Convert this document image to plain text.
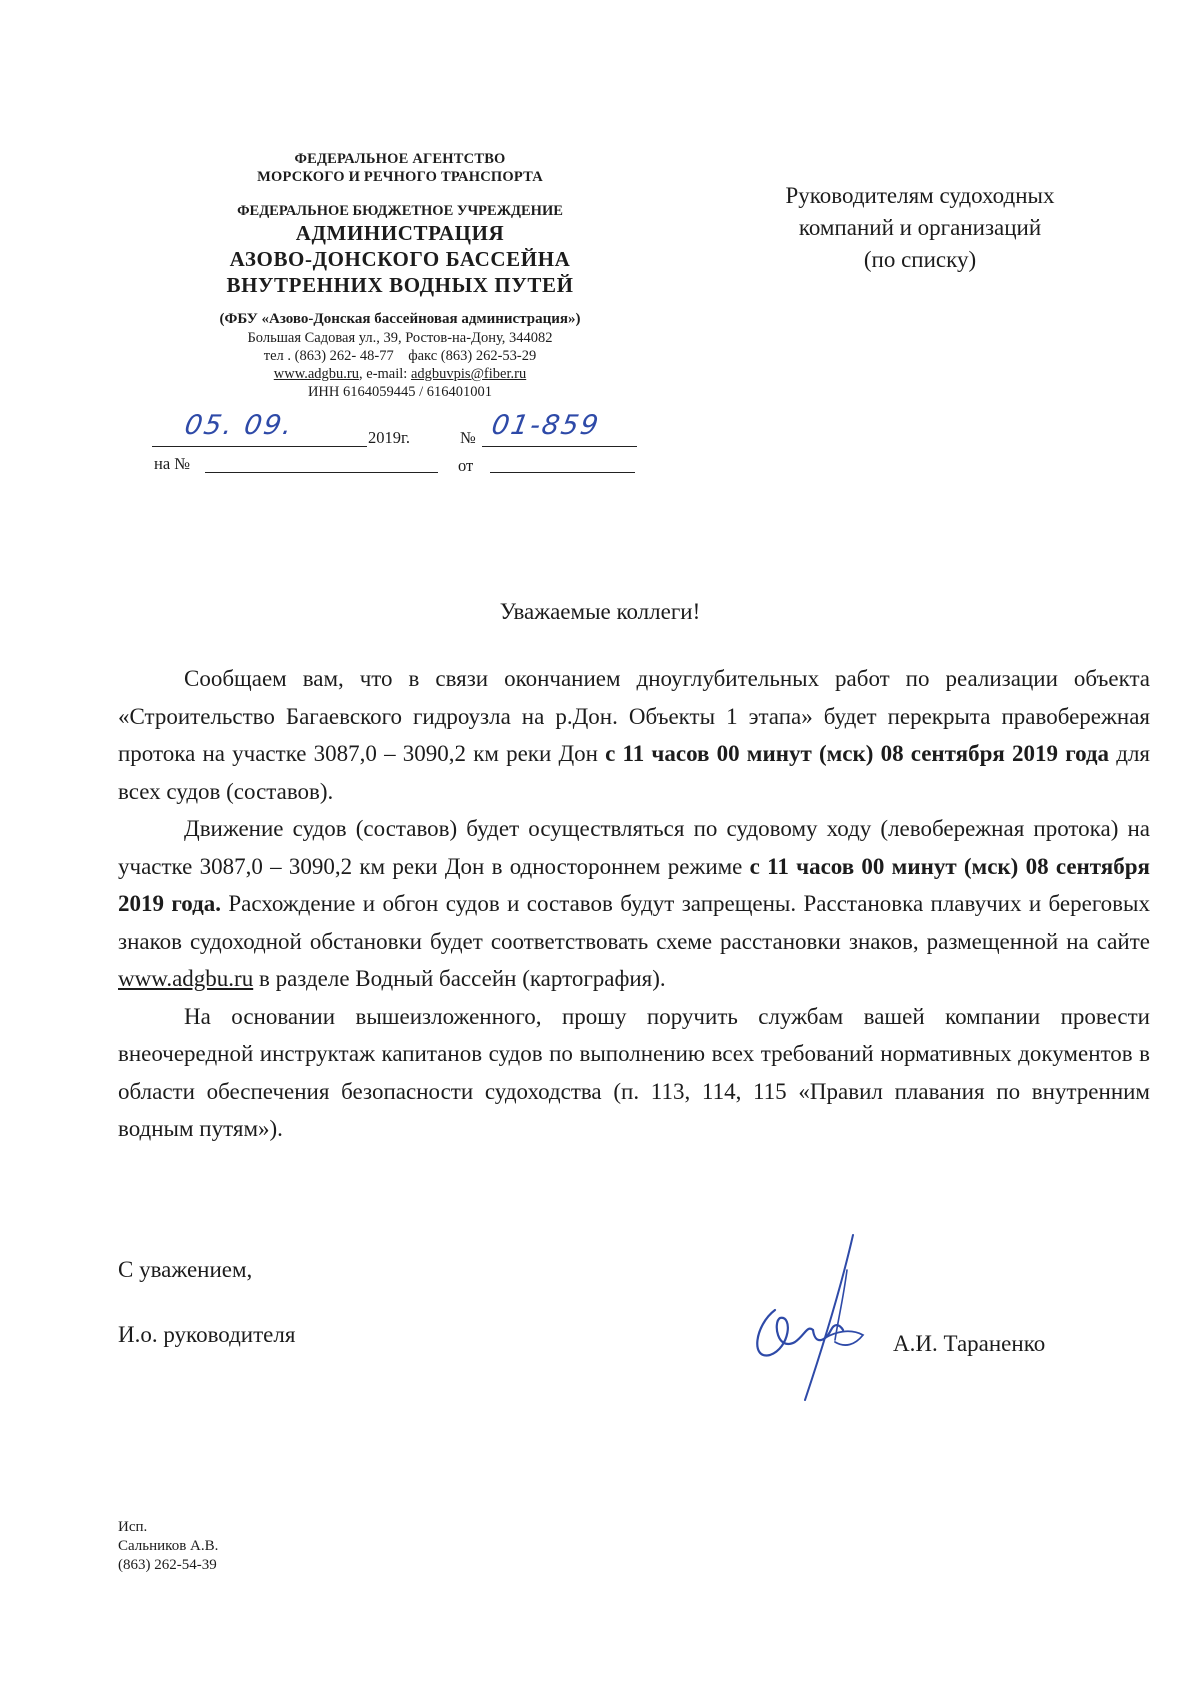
ФЕДЕРАЛЬНОЕ АГЕНТСТВО
МОРСКОГО И РЕЧНОГО ТРАНСПОРТА
ФЕДЕРАЛЬНОЕ БЮДЖЕТНОЕ УЧРЕЖДЕНИЕ
АДМИНИСТРАЦИЯ
АЗОВО-ДОНСКОГО БАССЕЙНА
ВНУТРЕННИХ ВОДНЫХ ПУТЕЙ
(ФБУ «Азово-Донская бассейновая администрация»)
Большая Садовая ул., 39, Ростов-на-Дону, 344082
тел . (863) 262- 48-77 факс (863) 262-53-29
www.adgbu.ru, e-mail: adgbuvpis@fiber.ru
ИНН 6164059445 / 616401001
05. 09.	2019г.	№ 01-859
на №	от
Руководителям судоходных
компаний и организаций
(по списку)
Уважаемые коллеги!

Сообщаем вам, что в связи окончанием дноуглубительных работ по реализации объекта «Строительство Багаевского гидроузла на р.Дон. Объекты 1 этапа» будет перекрыта правобережная протока на участке 3087,0 – 3090,2 км реки Дон с 11 часов 00 минут (мск) 08 сентября 2019 года для всех судов (составов).

Движение судов (составов) будет осуществляться по судовому ходу (левобережная протока) на участке 3087,0 – 3090,2 км реки Дон в одностороннем режиме с 11 часов 00 минут (мск) 08 сентября 2019 года. Расхождение и обгон судов и составов будут запрещены. Расстановка плавучих и береговых знаков судоходной обстановки будет соответствовать схеме расстановки знаков, размещенной на сайте www.adgbu.ru в разделе Водный бассейн (картография).

На основании вышеизложенного, прошу поручить службам вашей компании провести внеочередной инструктаж капитанов судов по выполнению всех требований нормативных документов в области обеспечения безопасности судоходства (п. 113, 114, 115 «Правил плавания по внутренним водным путям»).

С уважением,
И.о. руководителя	А.И. Тараненко
Исп.
Сальников А.В.
(863) 262-54-39
